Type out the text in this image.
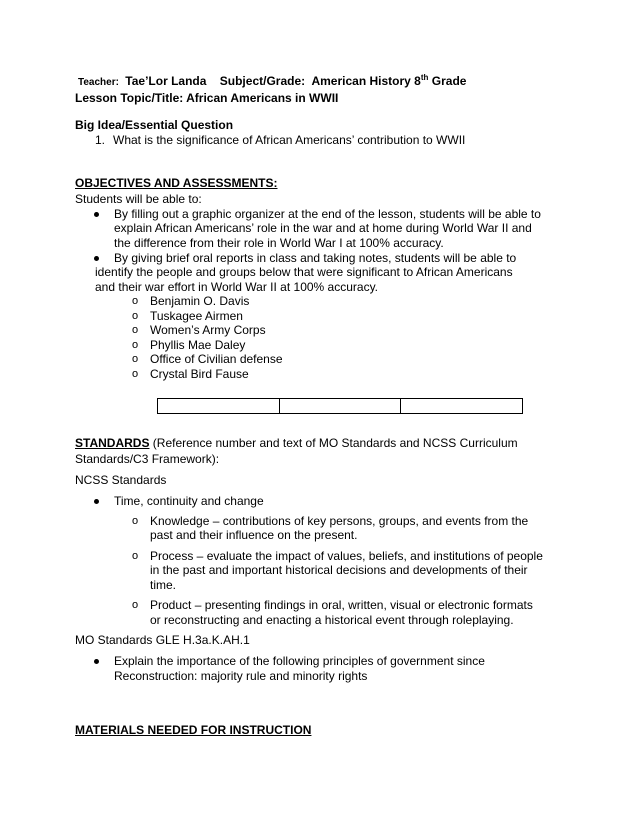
Teacher: Tae’Lor Landa Subject/Grade: American History 8th Grade
Lesson Topic/Title: African Americans in WWII
Big Idea/Essential Question
1. What is the significance of African Americans’ contribution to WWII
OBJECTIVES AND ASSESSMENTS:
Students will be able to:
By filling out a graphic organizer at the end of the lesson, students will be able to
explain African Americans’ role in the war and at home during World War II and
the difference from their role in World War I at 100% accuracy.
By giving brief oral reports in class and taking notes, students will be able to
identify the people and groups below that were significant to African Americans
and their war effort in World War II at 100% accuracy.
o Benjamin O. Davis
o Tuskagee Airmen
o Women’s Army Corps
o Phyllis Mae Daley
o Office of Civilian defense
o Crystal Bird Fause
STANDARDS (Reference number and text of MO Standards and NCSS Curriculum
Standards/C3 Framework):
NCSS Standards
Time, continuity and change
o Knowledge – contributions of key persons, groups, and events from the
past and their influence on the present.
o Process – evaluate the impact of values, beliefs, and institutions of people
in the past and important historical decisions and developments of their
time.
o Product – presenting findings in oral, written, visual or electronic formats
or reconstructing and enacting a historical event through roleplaying.
MO Standards GLE H.3a.K.AH.1
Explain the importance of the following principles of government since
Reconstruction: majority rule and minority rights
MATERIALS NEEDED FOR INSTRUCTION
